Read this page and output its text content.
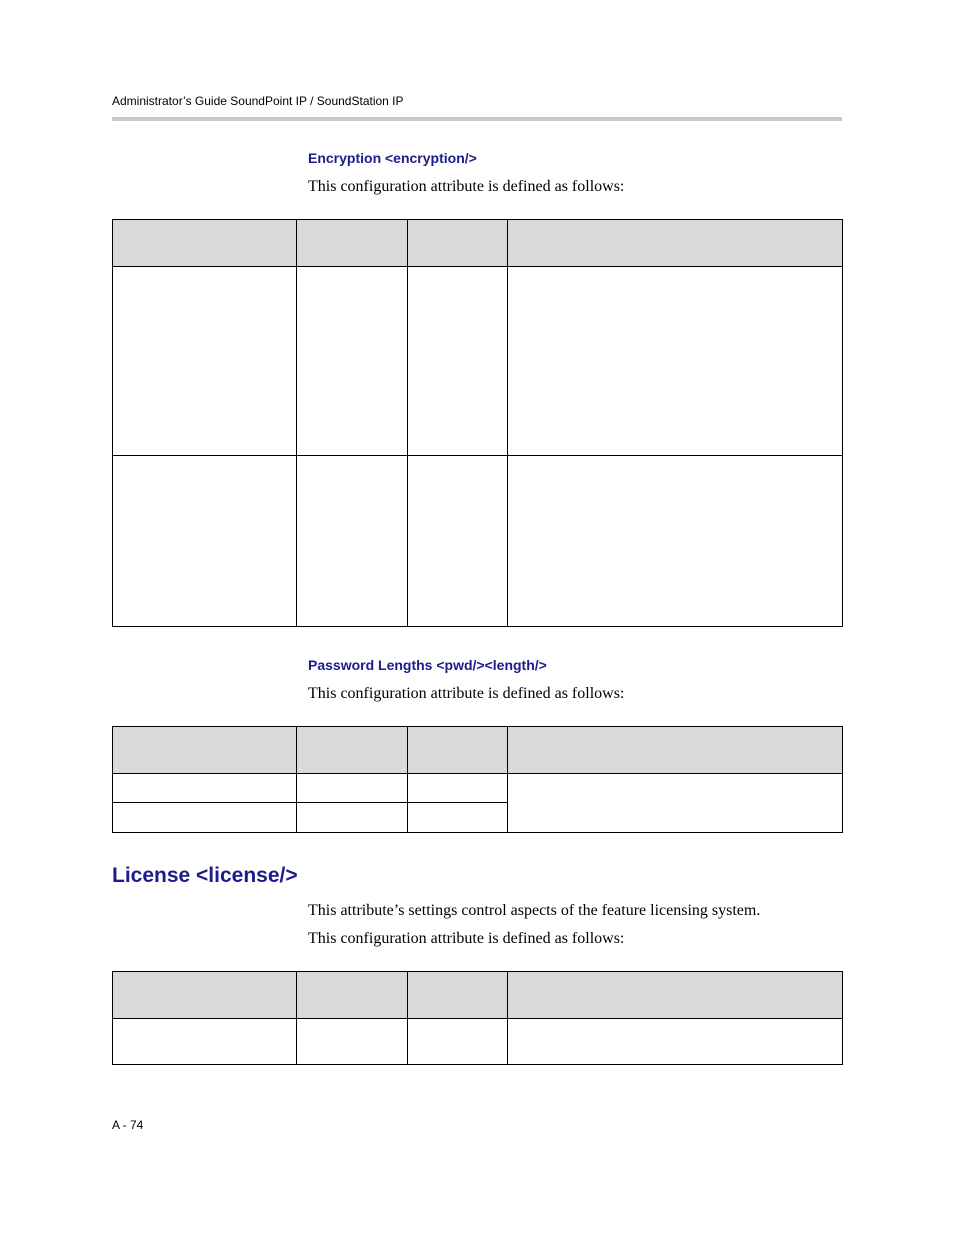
Administrator’s Guide SoundPoint IP / SoundStation IP
Encryption <encryption/>
This configuration attribute is defined as follows:

Password Lengths <pwd/><length/>
This configuration attribute is defined as follows:

License <license/>
This attribute’s settings control aspects of the feature licensing system.
This configuration attribute is defined as follows:

A - 74
